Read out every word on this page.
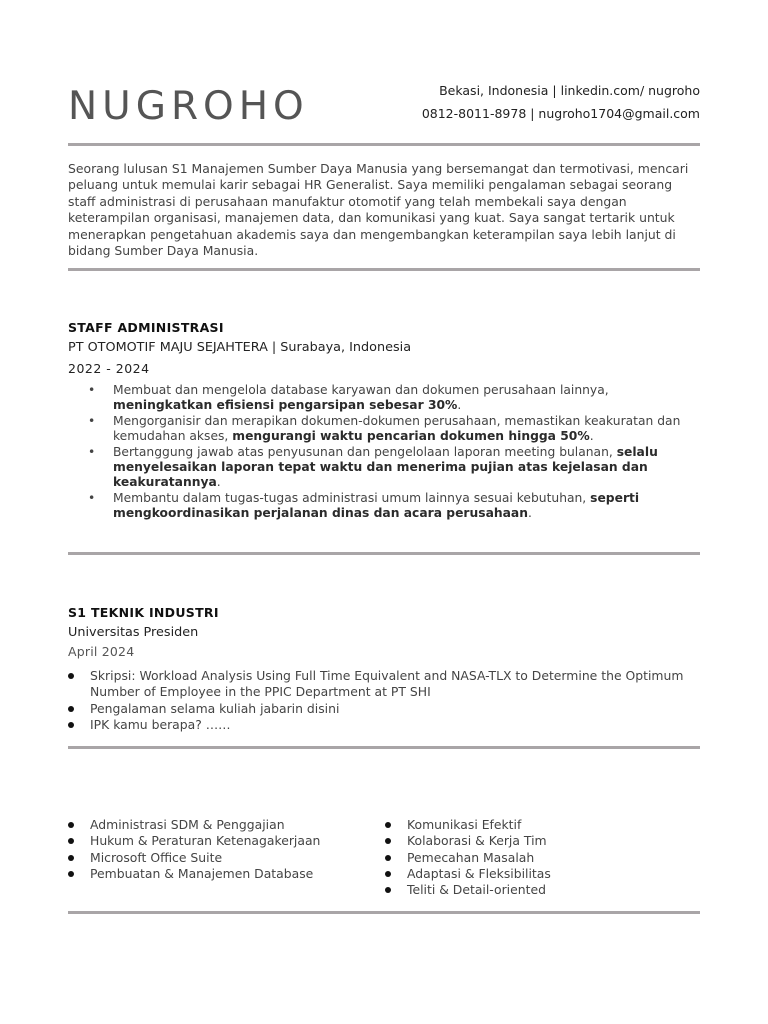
NUGROHO	Bekasi, Indonesia | linkedin.com/ nugroho
0812-8011-8978 | nugroho1704@gmail.com

Seorang lulusan S1 Manajemen Sumber Daya Manusia yang bersemangat dan termotivasi, mencari peluang untuk memulai karir sebagai HR Generalist. Saya memiliki pengalaman sebagai seorang staff administrasi di perusahaan manufaktur otomotif yang telah membekali saya dengan keterampilan organisasi, manajemen data, dan komunikasi yang kuat. Saya sangat tertarik untuk menerapkan pengetahuan akademis saya dan mengembangkan keterampilan saya lebih lanjut di bidang Sumber Daya Manusia.

STAFF ADMINISTRASI
PT OTOMOTIF MAJU SEJAHTERA | Surabaya, Indonesia
2022 - 2024
• Membuat dan mengelola database karyawan dan dokumen perusahaan lainnya, meningkatkan efisiensi pengarsipan sebesar 30%.
• Mengorganisir dan merapikan dokumen-dokumen perusahaan, memastikan keakuratan dan kemudahan akses, mengurangi waktu pencarian dokumen hingga 50%.
• Bertanggung jawab atas penyusunan dan pengelolaan laporan meeting bulanan, selalu menyelesaikan laporan tepat waktu dan menerima pujian atas kejelasan dan keakuratannya.
• Membantu dalam tugas-tugas administrasi umum lainnya sesuai kebutuhan, seperti mengkoordinasikan perjalanan dinas dan acara perusahaan.
S1 TEKNIK INDUSTRI
Universitas Presiden
April 2024
Skripsi: Workload Analysis Using Full Time Equivalent and NASA-TLX to Determine the Optimum Number of Employee in the PPIC Department at PT SHI
Pengalaman selama kuliah jabarin disini
IPK kamu berapa? ……
Administrasi SDM & Penggajian
Hukum & Peraturan Ketenagakerjaan
Microsoft Office Suite
Pembuatan & Manajemen Database
Komunikasi Efektif
Kolaborasi & Kerja Tim
Pemecahan Masalah
Adaptasi & Fleksibilitas
Teliti & Detail-oriented
